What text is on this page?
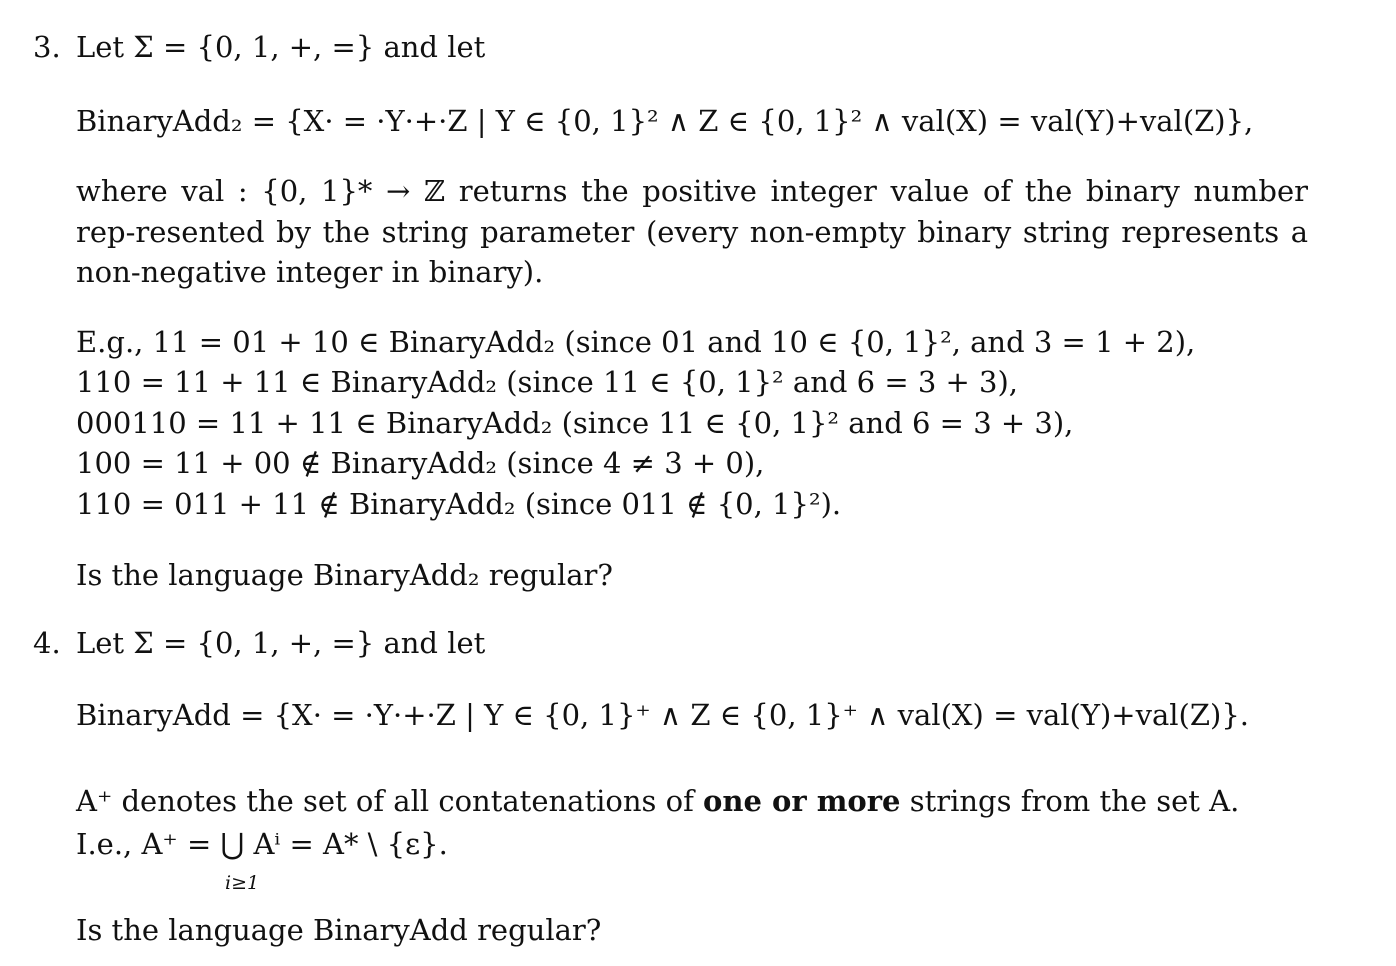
3. Let Σ = {0, 1, +, =} and let
BinaryAdd₂ = {X· = ·Y·+·Z | Y ∈ {0, 1}² ∧ Z ∈ {0, 1}² ∧ val(X) = val(Y)+val(Z)},
where val : {0, 1}* → ℤ returns the positive integer value of the binary number rep-resented by the string parameter (every non-empty binary string represents a non-negative integer in binary).
E.g., 11 = 01 + 10 ∈ BinaryAdd₂ (since 01 and 10 ∈ {0, 1}², and 3 = 1 + 2),
110 = 11 + 11 ∈ BinaryAdd₂ (since 11 ∈ {0, 1}² and 6 = 3 + 3),
000110 = 11 + 11 ∈ BinaryAdd₂ (since 11 ∈ {0, 1}² and 6 = 3 + 3),
100 = 11 + 00 ∉ BinaryAdd₂ (since 4 ≠ 3 + 0),
110 = 011 + 11 ∉ BinaryAdd₂ (since 011 ∉ {0, 1}²).
Is the language BinaryAdd₂ regular?
4. Let Σ = {0, 1, +, =} and let
BinaryAdd = {X· = ·Y·+·Z | Y ∈ {0, 1}⁺ ∧ Z ∈ {0, 1}⁺ ∧ val(X) = val(Y)+val(Z)}.
A⁺ denotes the set of all contatenations of one or more strings from the set A.
I.e., A⁺ = ⋃ Aⁱ = A* \ {ε}.
i≥1
Is the language BinaryAdd regular?
